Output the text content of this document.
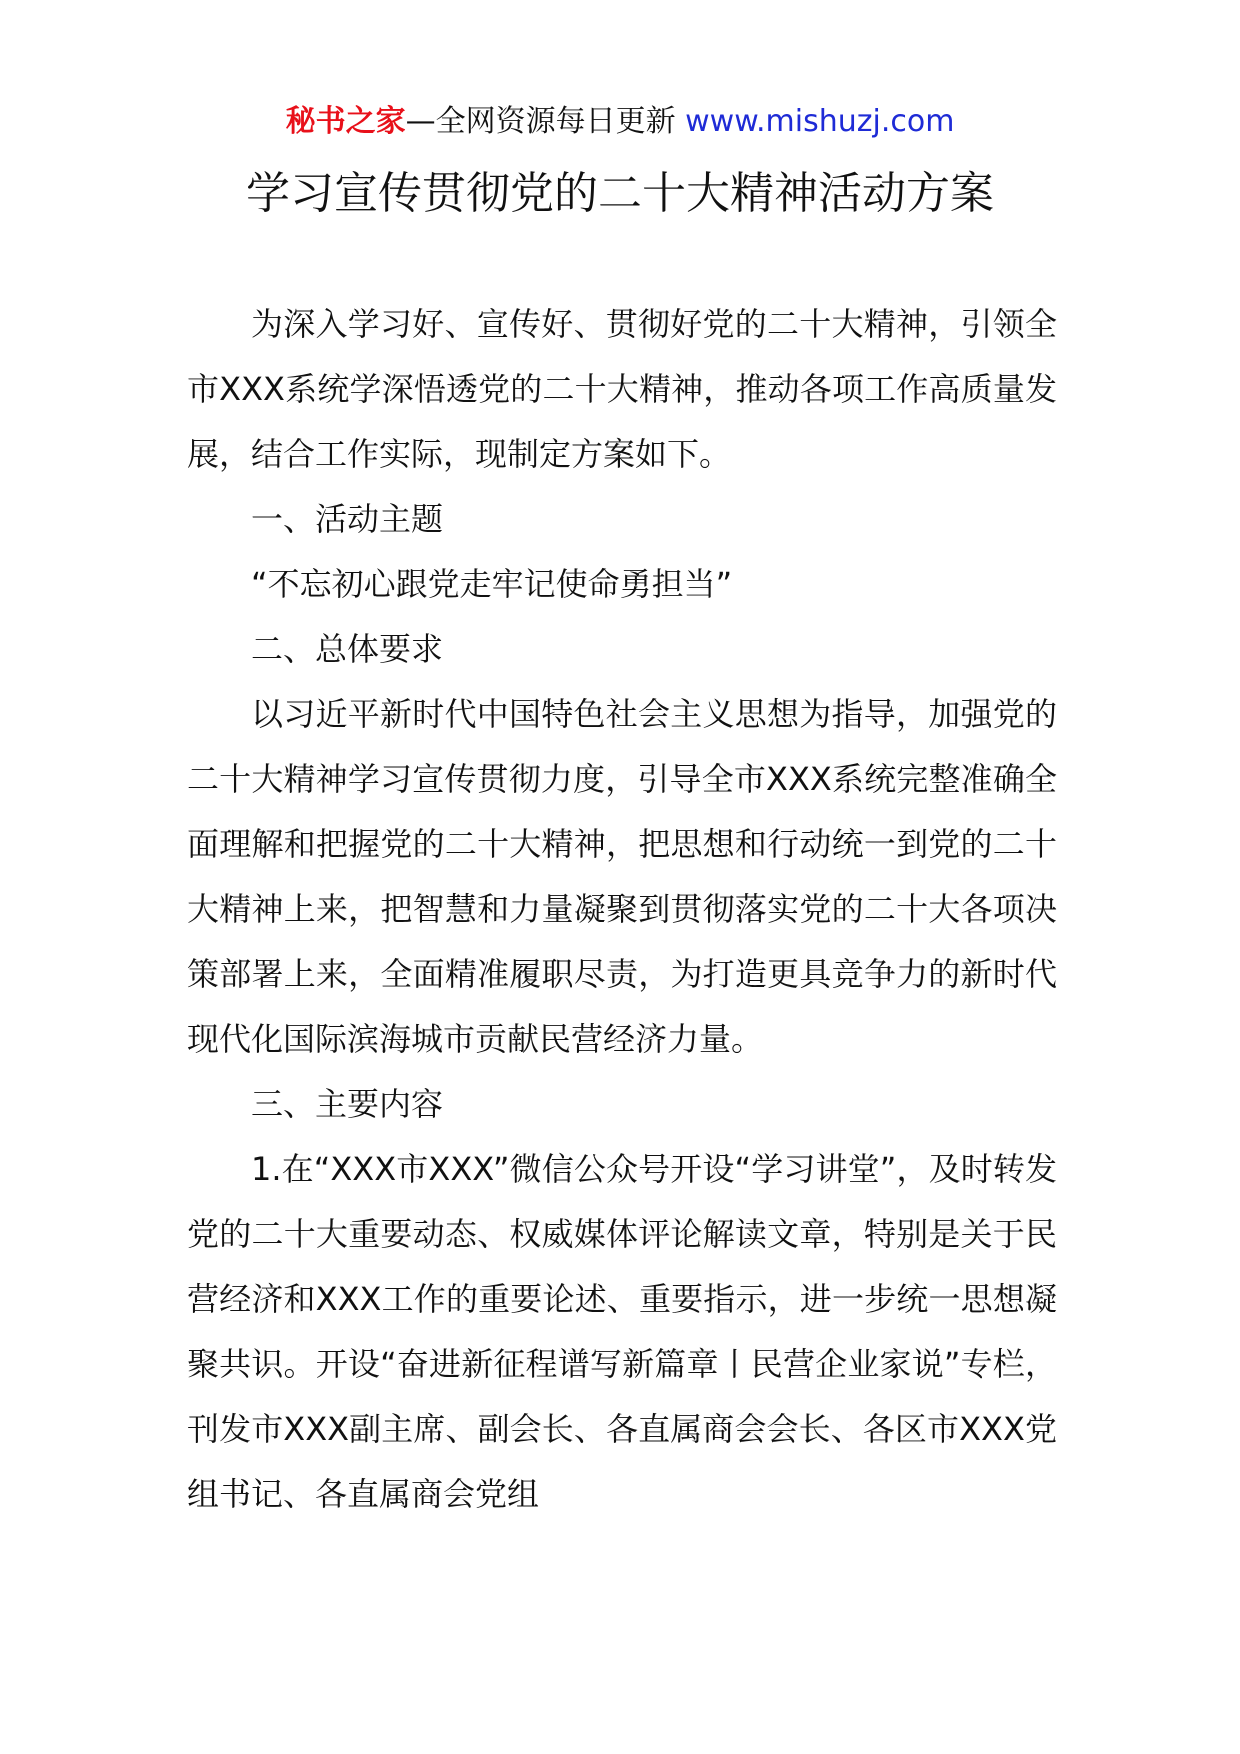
秘书之家—全网资源每日更新 www.mishuzj.com
学习宣传贯彻党的二十大精神活动方案

为深入学习好、宣传好、贯彻好党的二十大精神，引领全市XXX系统学深悟透党的二十大精神，推动各项工作高质量发展，结合工作实际，现制定方案如下。

一、活动主题

“不忘初心跟党走牢记使命勇担当”

二、总体要求

以习近平新时代中国特色社会主义思想为指导，加强党的二十大精神学习宣传贯彻力度，引导全市XXX系统完整准确全面理解和把握党的二十大精神，把思想和行动统一到党的二十大精神上来，把智慧和力量凝聚到贯彻落实党的二十大各项决策部署上来，全面精准履职尽责，为打造更具竞争力的新时代现代化国际滨海城市贡献民营经济力量。

三、主要内容

1.在“XXX市XXX”微信公众号开设“学习讲堂”，及时转发党的二十大重要动态、权威媒体评论解读文章，特别是关于民营经济和XXX工作的重要论述、重要指示，进一步统一思想凝聚共识。开设“奋进新征程谱写新篇章丨民营企业家说”专栏，刊发市XXX副主席、副会长、各直属商会会长、各区市XXX党组书记、各直属商会党组
